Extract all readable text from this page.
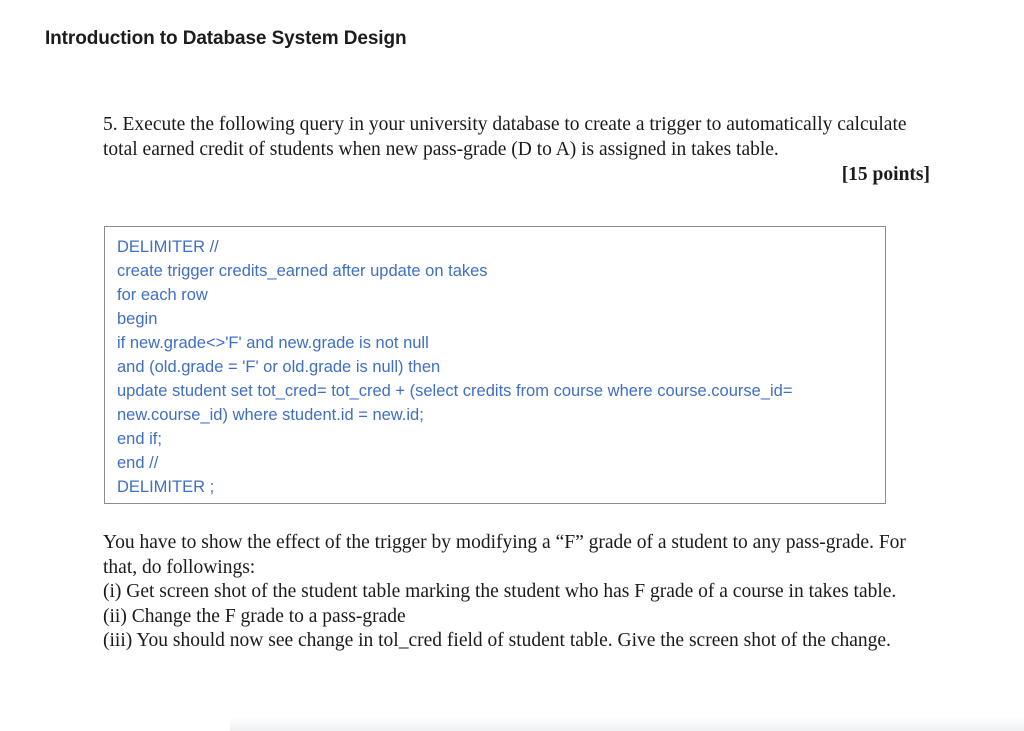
Introduction to Database System Design

5. Execute the following query in your university database to create a trigger to automatically calculate total earned credit of students when new pass-grade (D to A) is assigned in takes table.

[15 points]
DELIMITER //
create trigger credits_earned after update on takes
for each row
begin
if new.grade<>'F' and new.grade is not null
and (old.grade = 'F' or old.grade is null) then
update student set tot_cred= tot_cred + (select credits from course where course.course_id=
new.course_id) where student.id = new.id;
end if;
end //
DELIMITER ;

You have to show the effect of the trigger by modifying a “F” grade of a student to any pass-grade. For that, do followings:

(i) Get screen shot of the student table marking the student who has F grade of a course in takes table.

(ii) Change the F grade to a pass-grade

(iii) You should now see change in tol_cred field of student table. Give the screen shot of the change.
